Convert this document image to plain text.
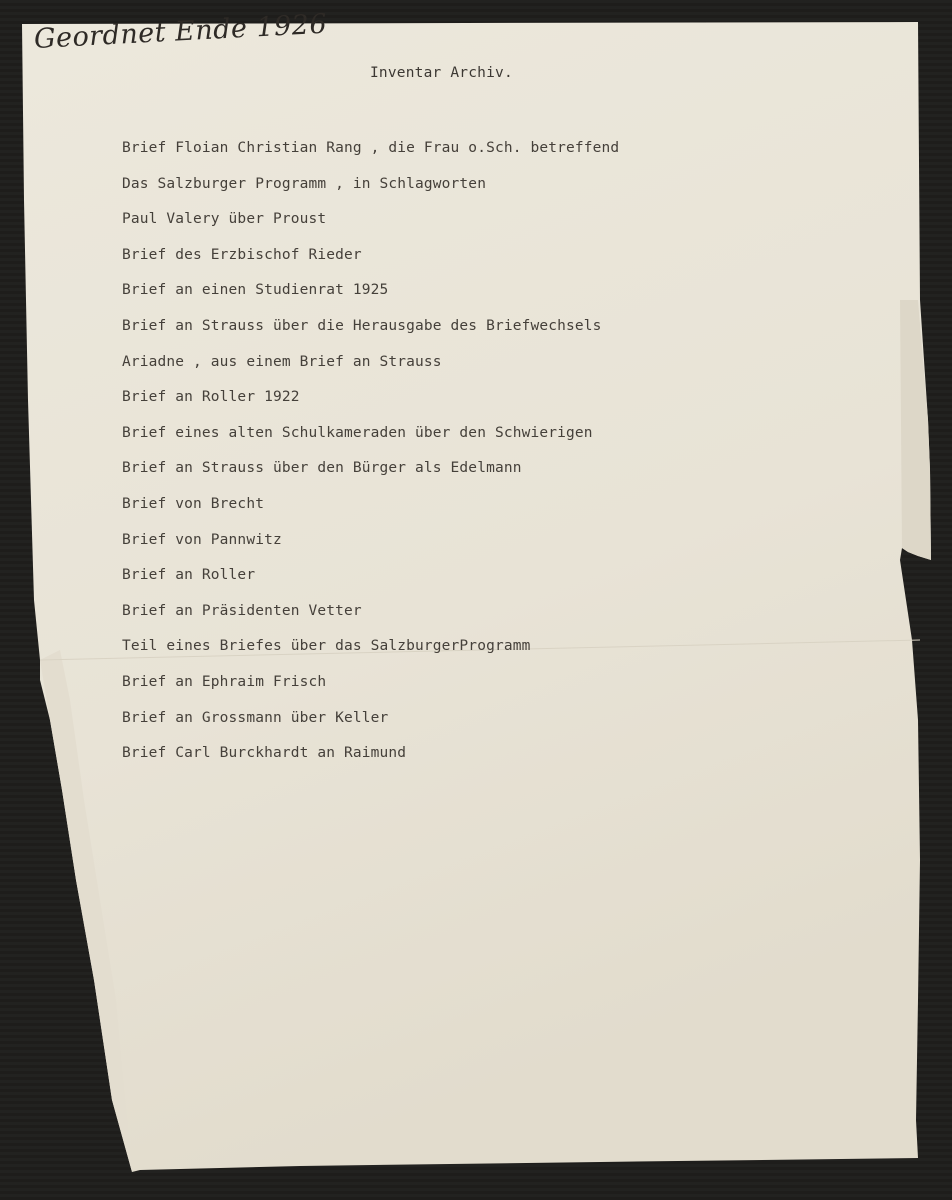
Geordnet Ende 1926
Inventar Archiv.
Brief Floian Christian Rang , die Frau o.Sch. betreffend
Das Salzburger Programm , in Schlagworten
Paul Valery über Proust
Brief des Erzbischof Rieder
Brief an einen Studienrat 1925
Brief an Strauss über die Herausgabe des Briefwechsels
Ariadne , aus einem Brief an Strauss
Brief an Roller 1922
Brief eines alten Schulkameraden über den Schwierigen
Brief an Strauss über den Bürger als Edelmann
Brief von Brecht
Brief von Pannwitz
Brief an Roller
Brief an Präsidenten Vetter
Teil eines Briefes über das SalzburgerProgramm
Brief an Ephraim Frisch
Brief an Grossmann über Keller
Brief Carl Burckhardt an Raimund
